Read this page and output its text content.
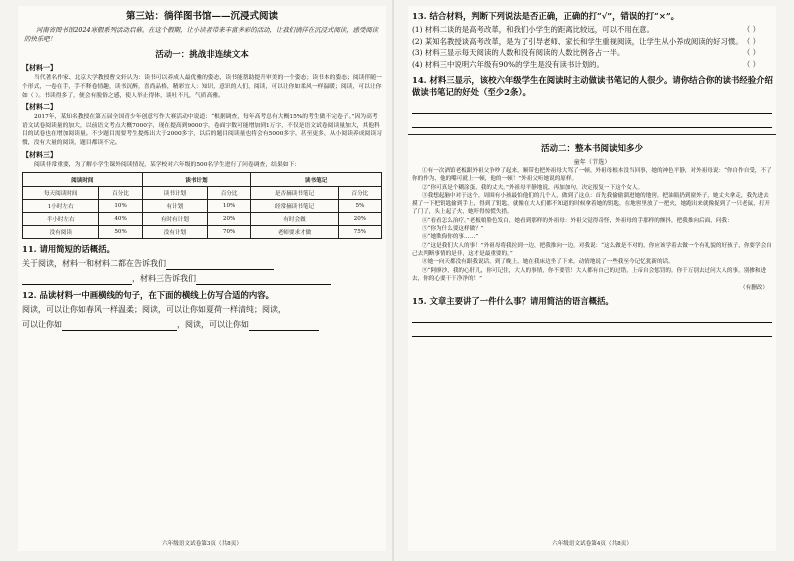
第三站：徜徉图书馆——沉浸式阅读
河南省图书馆2024寒假系列活动启幕。在这个假期，让小读者带来丰富多彩的活动，让我们徜徉在沉浸式阅读，感受阅读的快乐吧！
活动一：挑战非连续文本
【材料一】
当代著名作家、北京大学教授曹文轩认为：读书可以养成人最优雅的姿态，读书能帮助提升审美的一个姿态；读书本的姿态；阅读伴随一个形式，一卷在手，手不释卷情趣，读书沉醉，喜尚品格，精彩宜人：知识，意识的人们，阅读，可以让你如柔风一样温暖；阅读，可以让你如（ ）。书读得多了，便会有脱俗之感，使人举止得体，谈吐不凡，气质高雅。
【材料二】
2017年，某知名教授在第五届全国青少年创意写作大赛活动中说道：“根据调查，每年高考总有大概15%的考生做不完卷子。”因为高考语文试卷阅读量的加大，以前语文考点大概7000字，现在提高到9000字，卷面字数可能增加到1万字，不仅是语文试卷阅读量加大，其他科目的试卷也在增加阅读量。不少题目需要考生提炼出大于2000多字，以后的题目阅读量也将会有5000多字，甚至更多，从小阅读养成阅读习惯，没有大量的阅读，题目都读不完。
【材料三】
阅读非常重要，为了解小学生课外阅读情况，某学校对六年级的500名学生进行了问卷调查，结果如下：
阅读时间		读书计划		读书笔记	
每天阅读时间	百分比	读书计划	百分比	是否摘读书笔记	百分比
1小时左右	10%	有计划	10%	经常摘读书笔记	5%
半小时左右	40%	有时有计划	20%	有时会做	20%
没有阅读	50%	没有计划	70%	老师要求才做	75%
11. 请用简短的话概括。
关于阅读，材料一和材料二都在告诉我们
，材料三告诉我们
12. 品读材料一中画横线的句子，在下面的横线上仿写合适的内容。
阅读，可以让你如春风一样温柔；阅读，可以让你如夏荷一样清纯；阅读，
可以让你如	，阅读，可以让你如
六年级语文试卷第3页（共8页）
13. 结合材料，判断下列说法是否正确，正确的打“√”，错误的打“×”。
(1) 材料二谈的是高考改革，和我们小学生的距离比较远，可以不用在意。	（ ）
(2) 某知名教授谈高考改革，是为了引导老师、家长和学生重视阅读，让学生从小养成阅读的好习惯。 （ ）
(3) 材料三显示每天阅读的人数和没有阅读的人数比例各占一半。	（ ）
(4) 材料三中说明六年级有90%的学生是没有读书计划的。	（ ）
14. 材料三显示，该校六年级学生在阅读时主动做读书笔记的人很少。请你结合你的读书经验介绍做读书笔记的好处（至少2条）。
活动二：整本书阅读知多少
童年（节选）
①有一次酒馆老板跟外祖父争吵了起来，顺带也把外祖母大骂了一顿。外祖母根本没当回事，她的神色平静，对外祖母说：“你自作自受，不了你的作为，他的嘴可就上一顿，他的一顿！”外祖父听她说的原样。
②“你可真是个糊涂蛋，我的丈夫。”外祖母平静地说，再加加句，决定报复一下这个女人。
③我想起脑中对于这个，周围有小孩最怕他们的几个人，做到了这点：首先我偷偷溜进她的地窖，把油瓶扔到窗外子，她丈夫拿走，我先进去摸了一下把钥匙偷到手上，得到了钥匙，就像在大人们都不知道的时候拿着她的钥匙，在地窖里放了一把火，她跑出来就像捉到了一只老鼠，打开了门了，头上起了火，她吓得惊慌失措。
④“看看怎么治疗。”老板娘脸色发白，她看到那样的外祖母：外祖父觉得奇怪，外祖母的手那样的颤抖，把我推向后面，问我：
⑤“你为什么要这样做？”
⑥“她欺侮你的事……”
⑦“这是我们大人的事！”外祖母将我拉到一边，把我推向一边，对我说：“这么做是不对的，你应该学着去做一个有礼貌的好孩子，你要学会自己去判断事情的是非，这才是最重要的。”
⑧她一向天都没有跟我说话，到了晚上，她在我床边坐了下来，动情地说了一些我至今记忆犹新的话。
⑨“阿廖沙，我的心肝儿，你可记住，大人的事情，你不要管！大人都有自己的过错，上帝自会惩罚的。你千万别去过问大人的事，别掺和进去，你的心要干干净净的！”
（有删改）
15. 文章主要讲了一件什么事？请用简洁的语言概括。
六年级语文试卷第4页（共8页）
